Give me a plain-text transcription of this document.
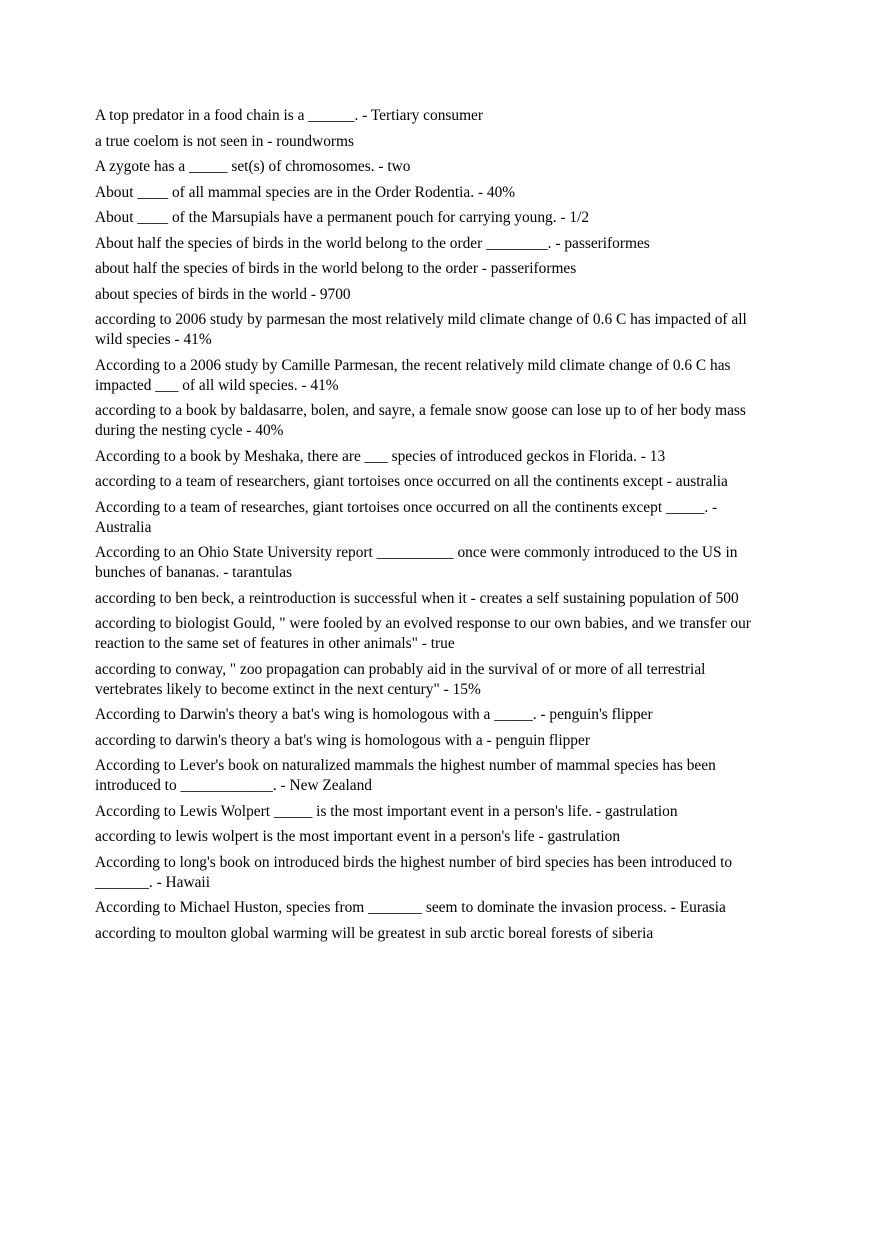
A top predator in a food chain is a ______. - Tertiary consumer

a true coelom is not seen in - roundworms

A zygote has a _____ set(s) of chromosomes. - two

About ____ of all mammal species are in the Order Rodentia. - 40%

About ____ of the Marsupials have a permanent pouch for carrying young. - 1/2

About half the species of birds in the world belong to the order ________. - passeriformes

about half the species of birds in the world belong to the order - passeriformes

about species of birds in the world - 9700

according to 2006 study by parmesan the most relatively mild climate change of 0.6 C has impacted of all wild species - 41%

According to a 2006 study by Camille Parmesan, the recent relatively mild climate change of 0.6 C has impacted ___ of all wild species. - 41%

according to a book by baldasarre, bolen, and sayre, a female snow goose can lose up to of her body mass during the nesting cycle - 40%

According to a book by Meshaka, there are ___ species of introduced geckos in Florida. - 13

according to a team of researchers, giant tortoises once occurred on all the continents except - australia

According to a team of researches, giant tortoises once occurred on all the continents except _____. - Australia

According to an Ohio State University report __________ once were commonly introduced to the US in bunches of bananas. - tarantulas

according to ben beck, a reintroduction is successful when it - creates a self sustaining population of 500

according to biologist Gould, " were fooled by an evolved response to our own babies, and we transfer our reaction to the same set of features in other animals" - true

according to conway, " zoo propagation can probably aid in the survival of or more of all terrestrial vertebrates likely to become extinct in the next century" - 15%

According to Darwin's theory a bat's wing is homologous with a _____. - penguin's flipper

according to darwin's theory a bat's wing is homologous with a - penguin flipper

According to Lever's book on naturalized mammals the highest number of mammal species has been introduced to ____________. - New Zealand

According to Lewis Wolpert _____ is the most important event in a person's life. - gastrulation

according to lewis wolpert is the most important event in a person's life - gastrulation

According to long's book on introduced birds the highest number of bird species has been introduced to _______. - Hawaii

According to Michael Huston, species from _______ seem to dominate the invasion process. - Eurasia

according to moulton global warming will be greatest in sub arctic boreal forests of siberia
